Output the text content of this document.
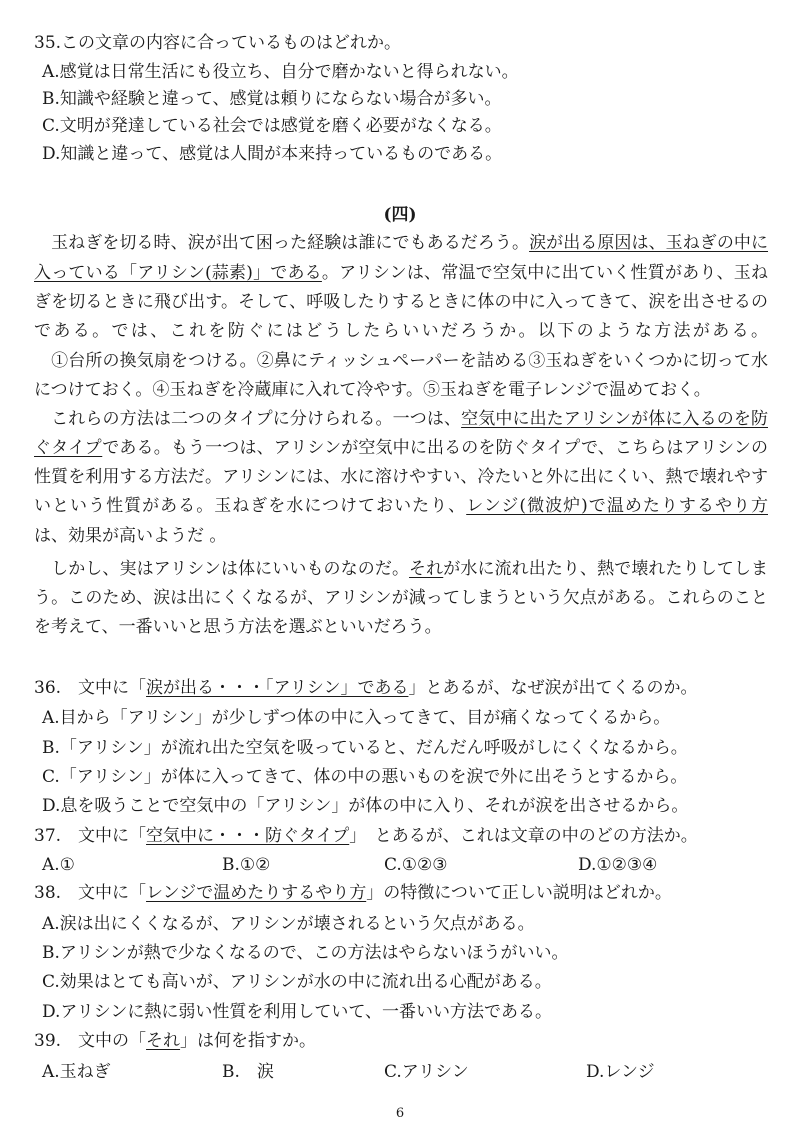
35.この文章の内容に合っているものはどれか。
A.感覚は日常生活にも役立ち、自分で磨かないと得られない。
B.知識や経験と違って、感覚は頼りにならない場合が多い。
C.文明が発達している社会では感覚を磨く必要がなくなる。
D.知識と違って、感覚は人間が本来持っているものである。
(四)
　玉ねぎを切る時、涙が出て困った経験は誰にでもあるだろう。涙が出る原因は、玉ねぎの中に
入っている「アリシン(蒜素)」である。アリシンは、常温で空気中に出ていく性質があり、玉ね
ぎを切るときに飛び出す。そして、呼吸したりするときに体の中に入ってきて、涙を出させるの
である。では、これを防ぐにはどうしたらいいだろうか。以下のような方法がある。
　①台所の換気扇をつける。②鼻にティッシュペーパーを詰める③玉ねぎをいくつかに切って水
につけておく。④玉ねぎを冷蔵庫に入れて冷やす。⑤玉ねぎを電子レンジで温めておく。
　これらの方法は二つのタイプに分けられる。一つは、空気中に出たアリシンが体に入るのを防
ぐタイプである。もう一つは、アリシンが空気中に出るのを防ぐタイプで、こちらはアリシンの
性質を利用する方法だ。アリシンには、水に溶けやすい、冷たいと外に出にくい、熱で壊れやす
いという性質がある。玉ねぎを水につけておいたり、レンジ(微波炉)で温めたりするやり方
は、効果が高いようだ 。
　しかし、実はアリシンは体にいいものなのだ。それが水に流れ出たり、熱で壊れたりしてしま
う。このため、涙は出にくくなるが、アリシンが減ってしまうという欠点がある。これらのこと
を考えて、一番いいと思う方法を選ぶといいだろう。
36.　文中に「涙が出る・・・「アリシン」である」とあるが、なぜ涙が出てくるのか。
A.目から「アリシン」が少しずつ体の中に入ってきて、目が痛くなってくるから。
B.「アリシン」が流れ出た空気を吸っていると、だんだん呼吸がしにくくなるから。
C.「アリシン」が体に入ってきて、体の中の悪いものを涙で外に出そうとするから。
D.息を吸うことで空気中の「アリシン」が体の中に入り、それが涙を出させるから。
37.　文中に「空気中に・・・防ぐタイプ」　とあるが、これは文章の中のどの方法か。
A.①	B.①②	C.①②③	D.①②③④
38.　文中に「レンジで温めたりするやり方」の特徴について正しい説明はどれか。
A.涙は出にくくなるが、アリシンが壊されるという欠点がある。
B.アリシンが熱で少なくなるので、この方法はやらないほうがいい。
C.効果はとても高いが、アリシンが水の中に流れ出る心配がある。
D.アリシンに熱に弱い性質を利用していて、一番いい方法である。
39.　文中の「それ」は何を指すか。
A.玉ねぎ	B.　涙	C.アリシン	D.レンジ
6
